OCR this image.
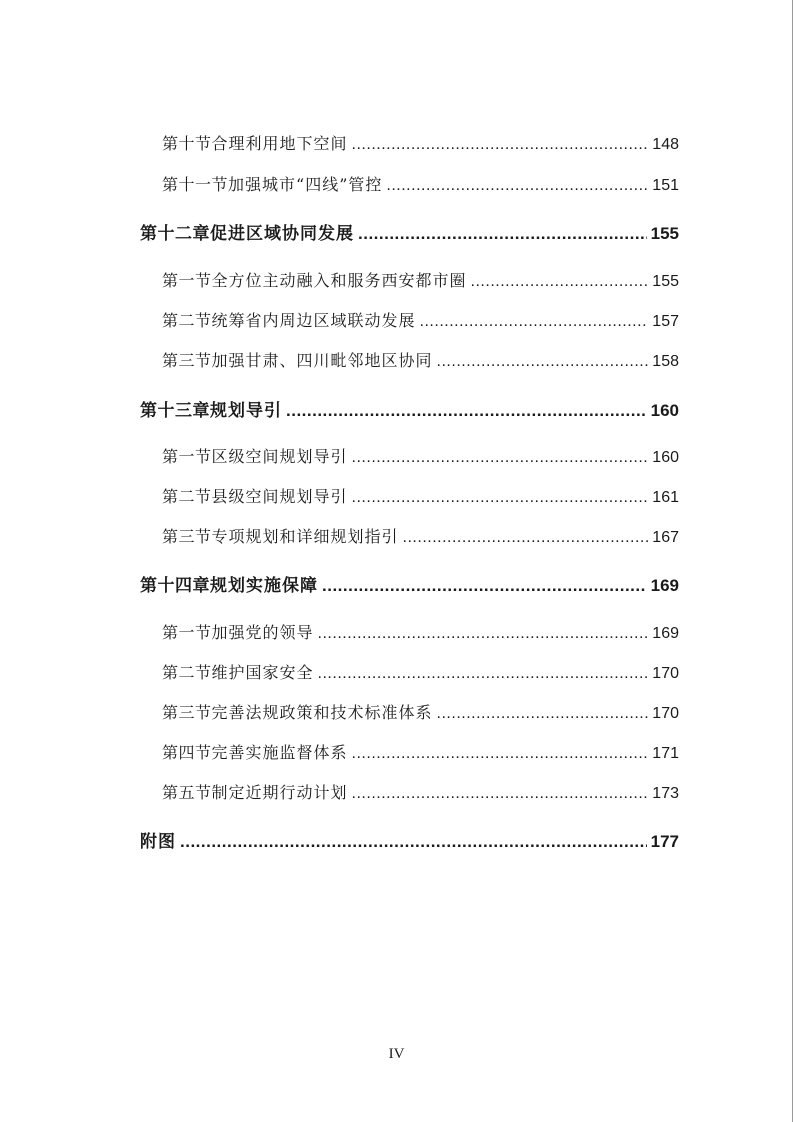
第十节 合理利用地下空间 .....	148
第十一节 加强城市“四线”管控 .....	151
第十二章 促进区域协同发展 .....	155
第一节 全方位主动融入和服务西安都市圈 .....	155
第二节 统筹省内周边区域联动发展 .....	157
第三节 加强甘肃、四川毗邻地区协同 .....	158
第十三章 规划导引 .....	160
第一节 区级空间规划导引 .....	160
第二节 县级空间规划导引 .....	161
第三节 专项规划和详细规划指引 .....	167
第十四章 规划实施保障 .....	169
第一节 加强党的领导 .....	169
第二节 维护国家安全 .....	170
第三节 完善法规政策和技术标准体系 .....	170
第四节 完善实施监督体系 .....	171
第五节 制定近期行动计划 .....	173
附图 .....	177
IV
